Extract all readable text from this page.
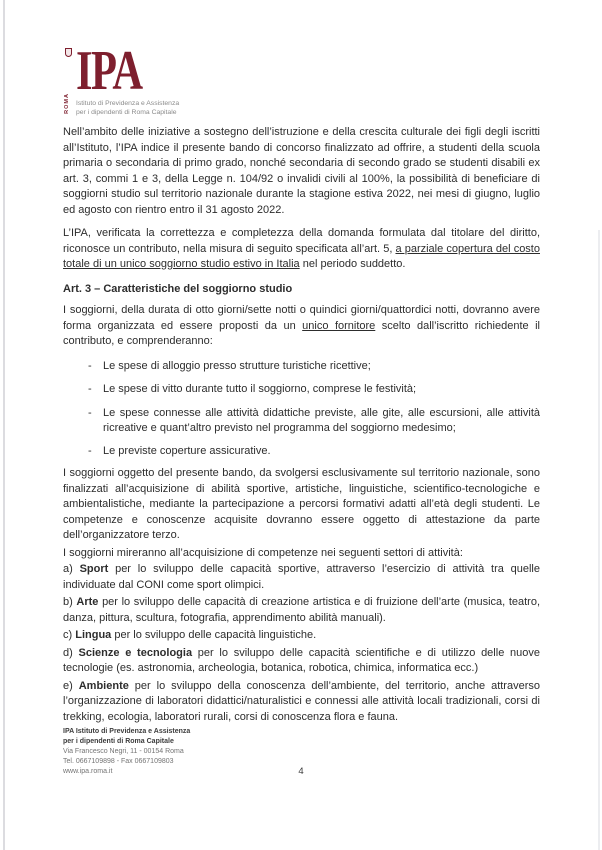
ROMA
IPA
Istituto di Previdenza e Assistenza
per i dipendenti di Roma Capitale

Nell’ambito delle iniziative a sostegno dell’istruzione e della crescita culturale dei figli degli iscritti all’Istituto, l’IPA indice il presente bando di concorso finalizzato ad offrire, a studenti della scuola primaria o secondaria di primo grado, nonché secondaria di secondo grado se studenti disabili ex art. 3, commi 1 e 3, della Legge n. 104/92 o invalidi civili al 100%, la possibilità di beneficiare di soggiorni studio sul territorio nazionale durante la stagione estiva 2022, nei mesi di giugno, luglio ed agosto con rientro entro il 31 agosto 2022.

L’IPA, verificata la correttezza e completezza della domanda formulata dal titolare del diritto, riconosce un contributo, nella misura di seguito specificata all’art. 5, a parziale copertura del costo totale di un unico soggiorno studio estivo in Italia nel periodo suddetto.

Art. 3 – Caratteristiche del soggiorno studio

I soggiorni, della durata di otto giorni/sette notti o quindici giorni/quattordici notti, dovranno avere forma organizzata ed essere proposti da un unico fornitore scelto dall’iscritto richiedente il contributo, e comprenderanno:

-	Le spese di alloggio presso strutture turistiche ricettive;
-	Le spese di vitto durante tutto il soggiorno, comprese le festività;
-	Le spese connesse alle attività didattiche previste, alle gite, alle escursioni, alle attività ricreative e quant’altro previsto nel programma del soggiorno medesimo;
-	Le previste coperture assicurative.

I soggiorni oggetto del presente bando, da svolgersi esclusivamente sul territorio nazionale, sono finalizzati all’acquisizione di abilità sportive, artistiche, linguistiche, scientifico-tecnologiche e ambientalistiche, mediante la partecipazione a percorsi formativi adatti all’età degli studenti. Le competenze e conoscenze acquisite dovranno essere oggetto di attestazione da parte dell’organizzatore terzo.

I soggiorni mireranno all’acquisizione di competenze nei seguenti settori di attività:

a) Sport per lo sviluppo delle capacità sportive, attraverso l’esercizio di attività tra quelle individuate dal CONI come sport olimpici.

b) Arte per lo sviluppo delle capacità di creazione artistica e di fruizione dell’arte (musica, teatro, danza, pittura, scultura, fotografia, apprendimento abilità manuali).

c) Lingua per lo sviluppo delle capacità linguistiche.

d) Scienze e tecnologia per lo sviluppo delle capacità scientifiche e di utilizzo delle nuove tecnologie (es. astronomia, archeologia, botanica, robotica, chimica, informatica ecc.)

e) Ambiente per lo sviluppo della conoscenza dell’ambiente, del territorio, anche attraverso l’organizzazione di laboratori didattici/naturalistici e connessi alle attività locali tradizionali, corsi di trekking, ecologia, laboratori rurali, corsi di conoscenza flora e fauna.

IPA Istituto di Previdenza e Assistenza
per i dipendenti di Roma Capitale
Via Francesco Negri, 11 - 00154 Roma
Tel. 0667109898 - Fax 0667109803
www.ipa.roma.it	4
